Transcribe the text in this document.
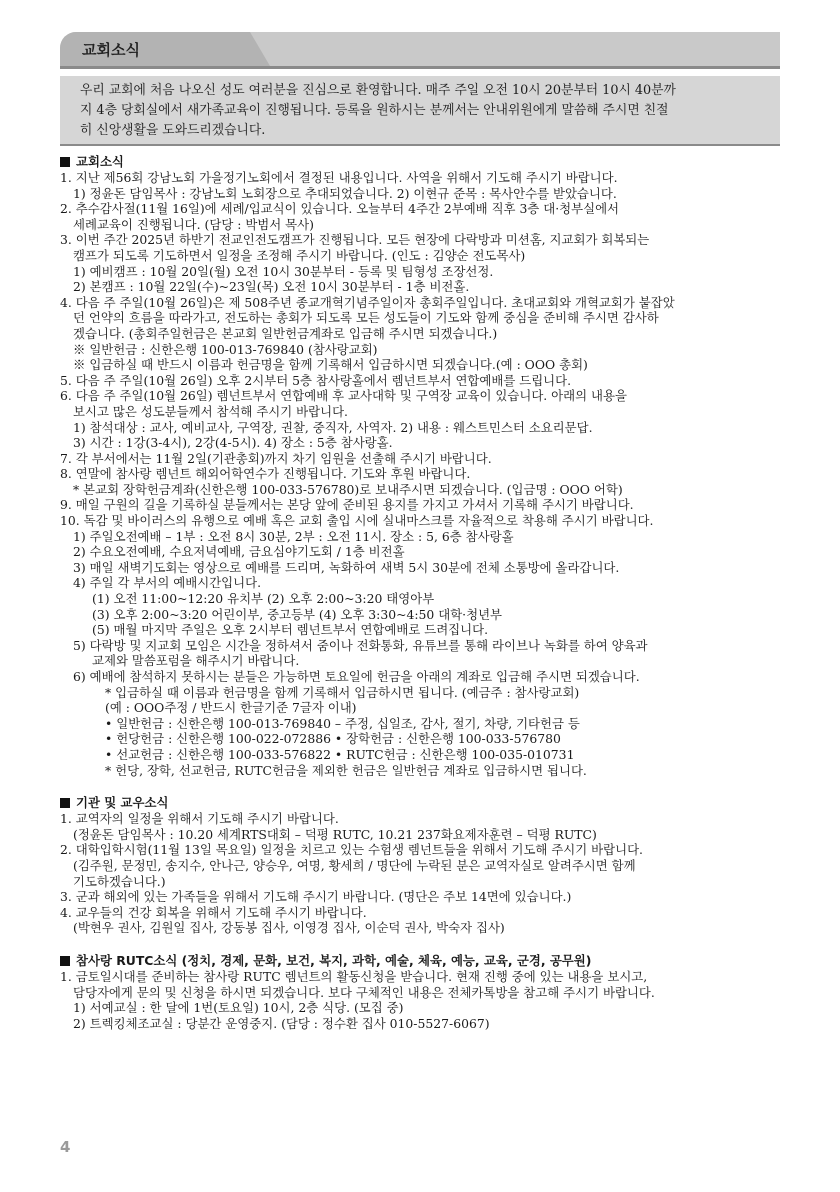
교회소식
우리 교회에 처음 나오신 성도 여러분을 진심으로 환영합니다. 매주 주일 오전 10시 20분부터 10시 40분까
지 4층 당회실에서 새가족교육이 진행됩니다. 등록을 원하시는 분께서는 안내위원에게 말씀해 주시면 친절
히 신앙생활을 도와드리겠습니다.
교회소식
1. 지난 제56회 강남노회 가을정기노회에서 결정된 내용입니다. 사역을 위해서 기도해 주시기 바랍니다.
1) 정윤돈 담임목사 : 강남노회 노회장으로 추대되었습니다. 2) 이현규 준목 : 목사안수를 받았습니다.
2. 추수감사절(11월 16일)에 세례/입교식이 있습니다. 오늘부터 4주간 2부예배 직후 3층 대·청부실에서
세례교육이 진행됩니다. (담당 : 박범서 목사)
3. 이번 주간 2025년 하반기 전교인전도캠프가 진행됩니다. 모든 현장에 다락방과 미션홈, 지교회가 회복되는
캠프가 되도록 기도하면서 일정을 조정해 주시기 바랍니다. (인도 : 김양순 전도목사)
1) 예비캠프 : 10월 20일(월) 오전 10시 30분부터 - 등록 및 팀형성 조장선정.
2) 본캠프 : 10월 22일(수)~23일(목) 오전 10시 30분부터 - 1층 비전홀.
4. 다음 주 주일(10월 26일)은 제 508주년 종교개혁기념주일이자 총회주일입니다. 초대교회와 개혁교회가 붙잡았
던 언약의 흐름을 따라가고, 전도하는 총회가 되도록 모든 성도들이 기도와 함께 중심을 준비해 주시면 감사하
겠습니다. (총회주일헌금은 본교회 일반헌금계좌로 입금해 주시면 되겠습니다.)
※ 일반헌금 : 신한은행 100-013-769840 (참사랑교회)
※ 입금하실 때 반드시 이름과 헌금명을 함께 기록해서 입금하시면 되겠습니다.(예 : OOO 총회)
5. 다음 주 주일(10월 26일) 오후 2시부터 5층 참사랑홀에서 렘넌트부서 연합예배를 드립니다.
6. 다음 주 주일(10월 26일) 렘넌트부서 연합예배 후 교사대학 및 구역장 교육이 있습니다. 아래의 내용을
보시고 많은 성도분들께서 참석해 주시기 바랍니다.
1) 참석대상 : 교사, 예비교사, 구역장, 권찰, 중직자, 사역자. 2) 내용 : 웨스트민스터 소요리문답.
3) 시간 : 1강(3-4시), 2강(4-5시). 4) 장소 : 5층 참사랑홀.
7. 각 부서에서는 11월 2일(기관총회)까지 차기 임원을 선출해 주시기 바랍니다.
8. 연말에 참사랑 렘넌트 해외어학연수가 진행됩니다. 기도와 후원 바랍니다.
* 본교회 장학헌금계좌(신한은행 100-033-576780)로 보내주시면 되겠습니다. (입금명 : OOO 어학)
9. 매일 구원의 길을 기록하실 분들께서는 본당 앞에 준비된 용지를 가지고 가셔서 기록해 주시기 바랍니다.
10. 독감 및 바이러스의 유행으로 예배 혹은 교회 출입 시에 실내마스크를 자율적으로 착용해 주시기 바랍니다.
1) 주일오전예배 – 1부 : 오전 8시 30분, 2부 : 오전 11시. 장소 : 5, 6층 참사랑홀
2) 수요오전예배, 수요저녁예배, 금요심야기도회 / 1층 비전홀
3) 매일 새벽기도회는 영상으로 예배를 드리며, 녹화하여 새벽 5시 30분에 전체 소통방에 올라갑니다.
4) 주일 각 부서의 예배시간입니다.
(1) 오전 11:00~12:20 유치부 (2) 오후 2:00~3:20 태영아부
(3) 오후 2:00~3:20 어린이부, 중고등부 (4) 오후 3:30~4:50 대학·청년부
(5) 매월 마지막 주일은 오후 2시부터 렘넌트부서 연합예배로 드려집니다.
5) 다락방 및 지교회 모임은 시간을 정하셔서 줌이나 전화통화, 유튜브를 통해 라이브나 녹화를 하여 양육과
교제와 말씀포럼을 해주시기 바랍니다.
6) 예배에 참석하지 못하시는 분들은 가능하면 토요일에 헌금을 아래의 계좌로 입금해 주시면 되겠습니다.
* 입금하실 때 이름과 헌금명을 함께 기록해서 입금하시면 됩니다. (예금주 : 참사랑교회)
(예 : OOO주정 / 반드시 한글기준 7글자 이내)
• 일반헌금 : 신한은행 100-013-769840 – 주정, 십일조, 감사, 절기, 차량, 기타헌금 등
• 헌당헌금 : 신한은행 100-022-072886 • 장학헌금 : 신한은행 100-033-576780
• 선교헌금 : 신한은행 100-033-576822 • RUTC헌금 : 신한은행 100-035-010731
* 헌당, 장학, 선교헌금, RUTC헌금을 제외한 헌금은 일반헌금 계좌로 입금하시면 됩니다.
기관 및 교우소식
1. 교역자의 일정을 위해서 기도해 주시기 바랍니다.
(정윤돈 담임목사 : 10.20 세계RTS대회 – 덕평 RUTC, 10.21 237화요제자훈련 – 덕평 RUTC)
2. 대학입학시험(11월 13일 목요일) 일정을 치르고 있는 수험생 렘넌트들을 위해서 기도해 주시기 바랍니다.
(김주원, 문정민, 송지수, 안나근, 양승우, 여명, 황세희 / 명단에 누락된 분은 교역자실로 알려주시면 함께
기도하겠습니다.)
3. 군과 해외에 있는 가족들을 위해서 기도해 주시기 바랍니다. (명단은 주보 14면에 있습니다.)
4. 교우들의 건강 회복을 위해서 기도해 주시기 바랍니다.
(박현우 권사, 김원일 집사, 강동봉 집사, 이영경 집사, 이순덕 권사, 박숙자 집사)
참사랑 RUTC소식 (정치, 경제, 문화, 보건, 복지, 과학, 예술, 체육, 예능, 교육, 군경, 공무원)
1. 금토일시대를 준비하는 참사랑 RUTC 렘넌트의 활동신청을 받습니다. 현재 진행 중에 있는 내용을 보시고,
담당자에게 문의 및 신청을 하시면 되겠습니다. 보다 구체적인 내용은 전체카톡방을 참고해 주시기 바랍니다.
1) 서예교실 : 한 달에 1번(토요일) 10시, 2층 식당. (모집 중)
2) 트렉킹체조교실 : 당분간 운영중지. (담당 : 정수환 집사 010-5527-6067)
4
